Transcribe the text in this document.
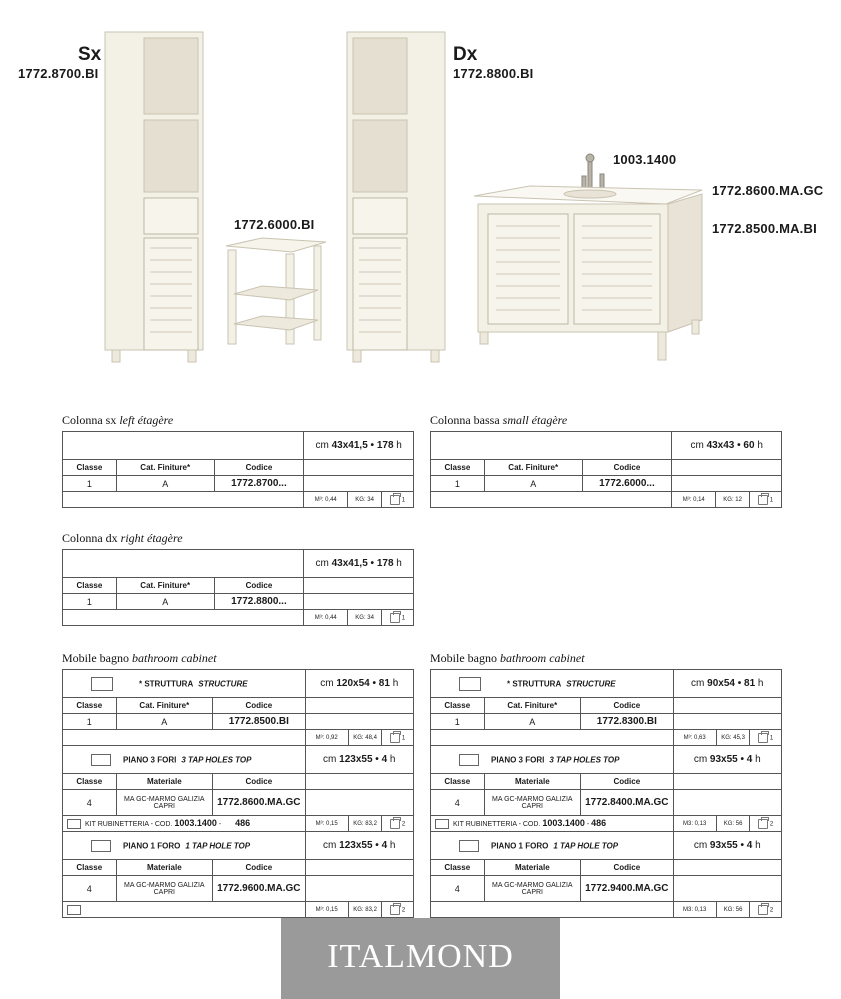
Sx
1772.8700.BI
Dx
1772.8800.BI
1772.6000.BI
1003.1400
1772.8600.MA.GC
1772.8500.MA.BI
Colonna sx left étagère
			cm 43x41,5 • 178 h		
Classe	Cat. Finiture*	Codice			
1	A	1772.8700...			
			M³: 0,44	KG: 34	1
Colonna bassa small étagère
			cm 43x43 • 60 h		
Classe	Cat. Finiture*	Codice			
1	A	1772.6000...			
			M³: 0,14	KG: 12	1
Colonna dx right étagère
			cm 43x41,5 • 178 h		
Classe	Cat. Finiture*	Codice			
1	A	1772.8800...			
			M³: 0,44	KG: 34	1
Mobile bagno bathroom cabinet
* STRUTTURA STRUCTURE			cm 120x54 • 81 h		
Classe	Cat. Finiture*	Codice			
1	A	1772.8500.BI			
			M³: 0,92	KG: 48,4	1
PIANO 3 FORI 3 TAP HOLES TOP			cm 123x55 • 4 h		
Classe	Materiale	Codice			
4	MA GC-MARMO GALIZIA CAPRI	1772.8600.MA.GC			
KIT RUBINETTERIA - COD. 1003.1400 - 486			M³: 0,15	KG: 83,2	2
PIANO 1 FORO 1 TAP HOLE TOP			cm 123x55 • 4 h		
Classe	Materiale	Codice			
4	MA GC-MARMO GALIZIA CAPRI	1772.9600.MA.GC			
			M³: 0,15	KG: 83,2	2
Mobile bagno bathroom cabinet
* STRUTTURA STRUCTURE			cm 90x54 • 81 h		
Classe	Cat. Finiture*	Codice			
1	A	1772.8300.BI			
			M³: 0,63	KG: 45,3	1
PIANO 3 FORI 3 TAP HOLES TOP			cm 93x55 • 4 h		
Classe	Materiale	Codice			
4	MA GC-MARMO GALIZIA CAPRI	1772.8400.MA.GC			
KIT RUBINETTERIA - COD. 1003.1400 - 486			M3: 0,13	KG: 56	2
PIANO 1 FORO 1 TAP HOLE TOP			cm 93x55 • 4 h		
Classe	Materiale	Codice			
4	MA GC-MARMO GALIZIA CAPRI	1772.9400.MA.GC			
			M3: 0,13	KG: 56	2
ITALMOND
